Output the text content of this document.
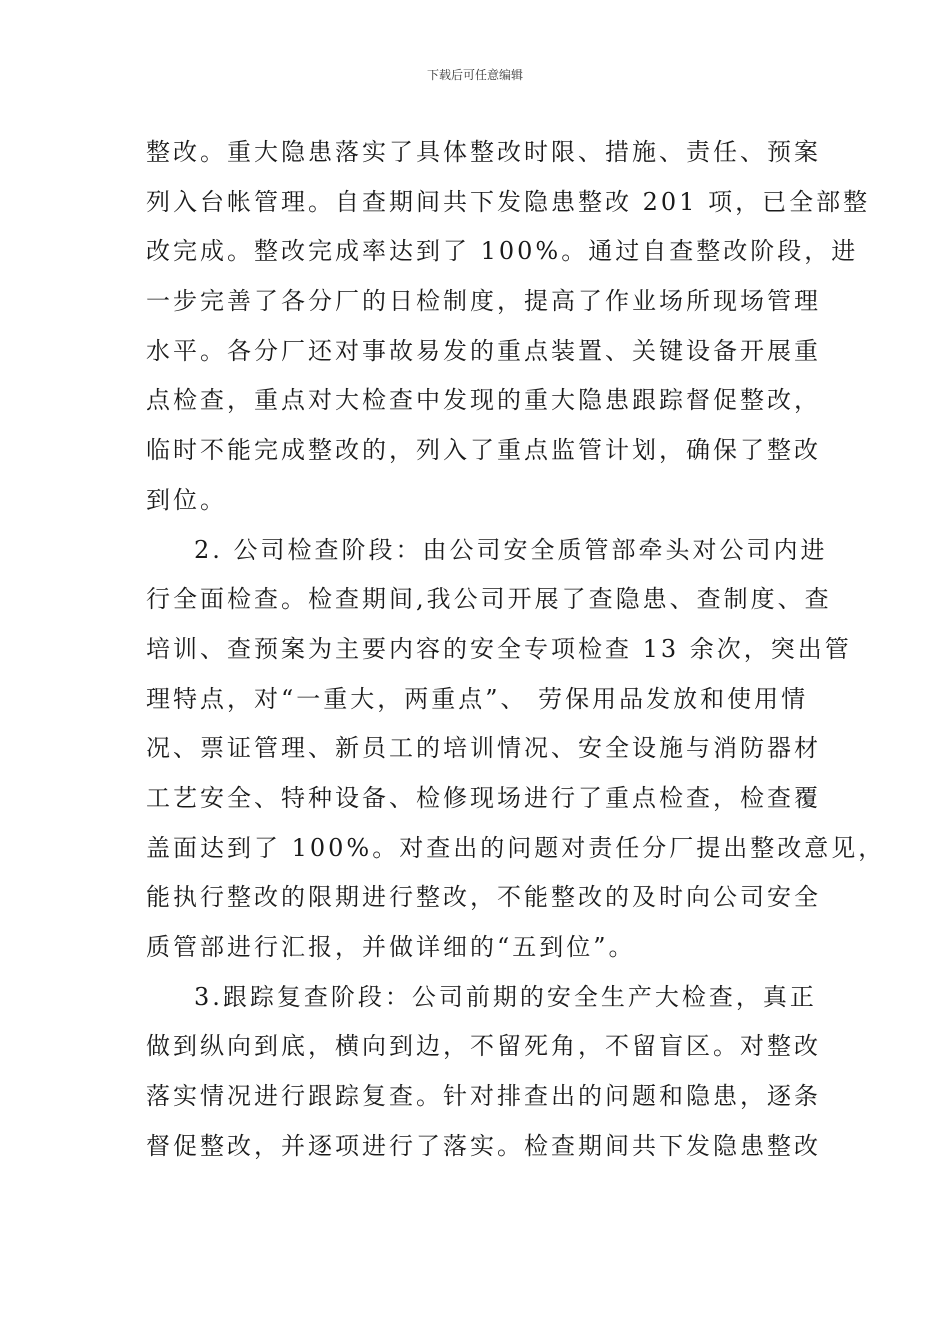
下载后可任意编辑
整改。重大隐患落实了具体整改时限、措施、责任、预案
列入台帐管理。自查期间共下发隐患整改 201 项，已全部整
改完成。整改完成率达到了 100%。通过自查整改阶段，进
一步完善了各分厂的日检制度，提高了作业场所现场管理
水平。各分厂还对事故易发的重点装置、关键设备开展重
点检查，重点对大检查中发现的重大隐患跟踪督促整改，
临时不能完成整改的，列入了重点监管计划，确保了整改
到位。
2. 公司检查阶段：由公司安全质管部牵头对公司内进
行全面检查。检查期间,我公司开展了查隐患、查制度、查
培训、查预案为主要内容的安全专项检查 13 余次，突出管
理特点，对“一重大，两重点”、 劳保用品发放和使用情
况、票证管理、新员工的培训情况、安全设施与消防器材
工艺安全、特种设备、检修现场进行了重点检查，检查覆
盖面达到了 100%。对查出的问题对责任分厂提出整改意见，
能执行整改的限期进行整改，不能整改的及时向公司安全
质管部进行汇报，并做详细的“五到位”。
3.跟踪复查阶段：公司前期的安全生产大检查，真正
做到纵向到底，横向到边，不留死角，不留盲区。对整改
落实情况进行跟踪复查。针对排查出的问题和隐患，逐条
督促整改，并逐项进行了落实。检查期间共下发隐患整改
